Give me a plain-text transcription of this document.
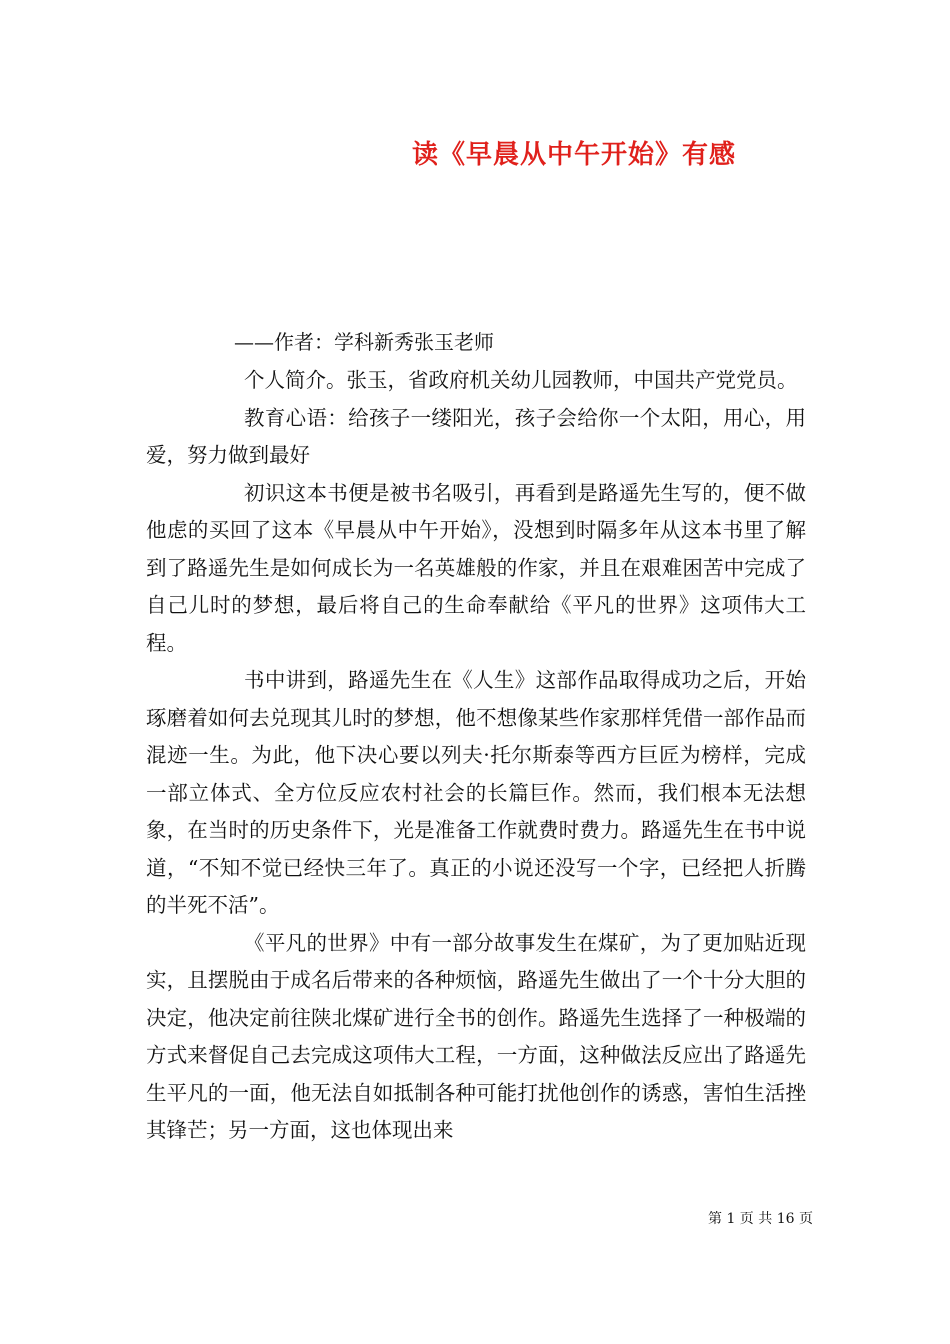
读《早晨从中午开始》有感
——作者：学科新秀张玉老师

个人简介。张玉，省政府机关幼儿园教师，中国共产党党员。

教育心语：给孩子一缕阳光，孩子会给你一个太阳，用心，用爱，努力做到最好

初识这本书便是被书名吸引，再看到是路遥先生写的，便不做他虑的买回了这本《早晨从中午开始》，没想到时隔多年从这本书里了解到了路遥先生是如何成长为一名英雄般的作家，并且在艰难困苦中完成了自己儿时的梦想，最后将自己的生命奉献给《平凡的世界》这项伟大工程。

书中讲到，路遥先生在《人生》这部作品取得成功之后，开始琢磨着如何去兑现其儿时的梦想，他不想像某些作家那样凭借一部作品而混迹一生。为此，他下决心要以列夫·托尔斯泰等西方巨匠为榜样，完成一部立体式、全方位反应农村社会的长篇巨作。然而，我们根本无法想象，在当时的历史条件下，光是准备工作就费时费力。路遥先生在书中说道，“不知不觉已经快三年了。真正的小说还没写一个字，已经把人折腾的半死不活”。

《平凡的世界》中有一部分故事发生在煤矿，为了更加贴近现实，且摆脱由于成名后带来的各种烦恼，路遥先生做出了一个十分大胆的决定，他决定前往陕北煤矿进行全书的创作。路遥先生选择了一种极端的方式来督促自己去完成这项伟大工程，一方面，这种做法反应出了路遥先生平凡的一面，他无法自如抵制各种可能打扰他创作的诱惑，害怕生活挫其锋芒；另一方面，这也体现出来

第 1 页 共 16 页
